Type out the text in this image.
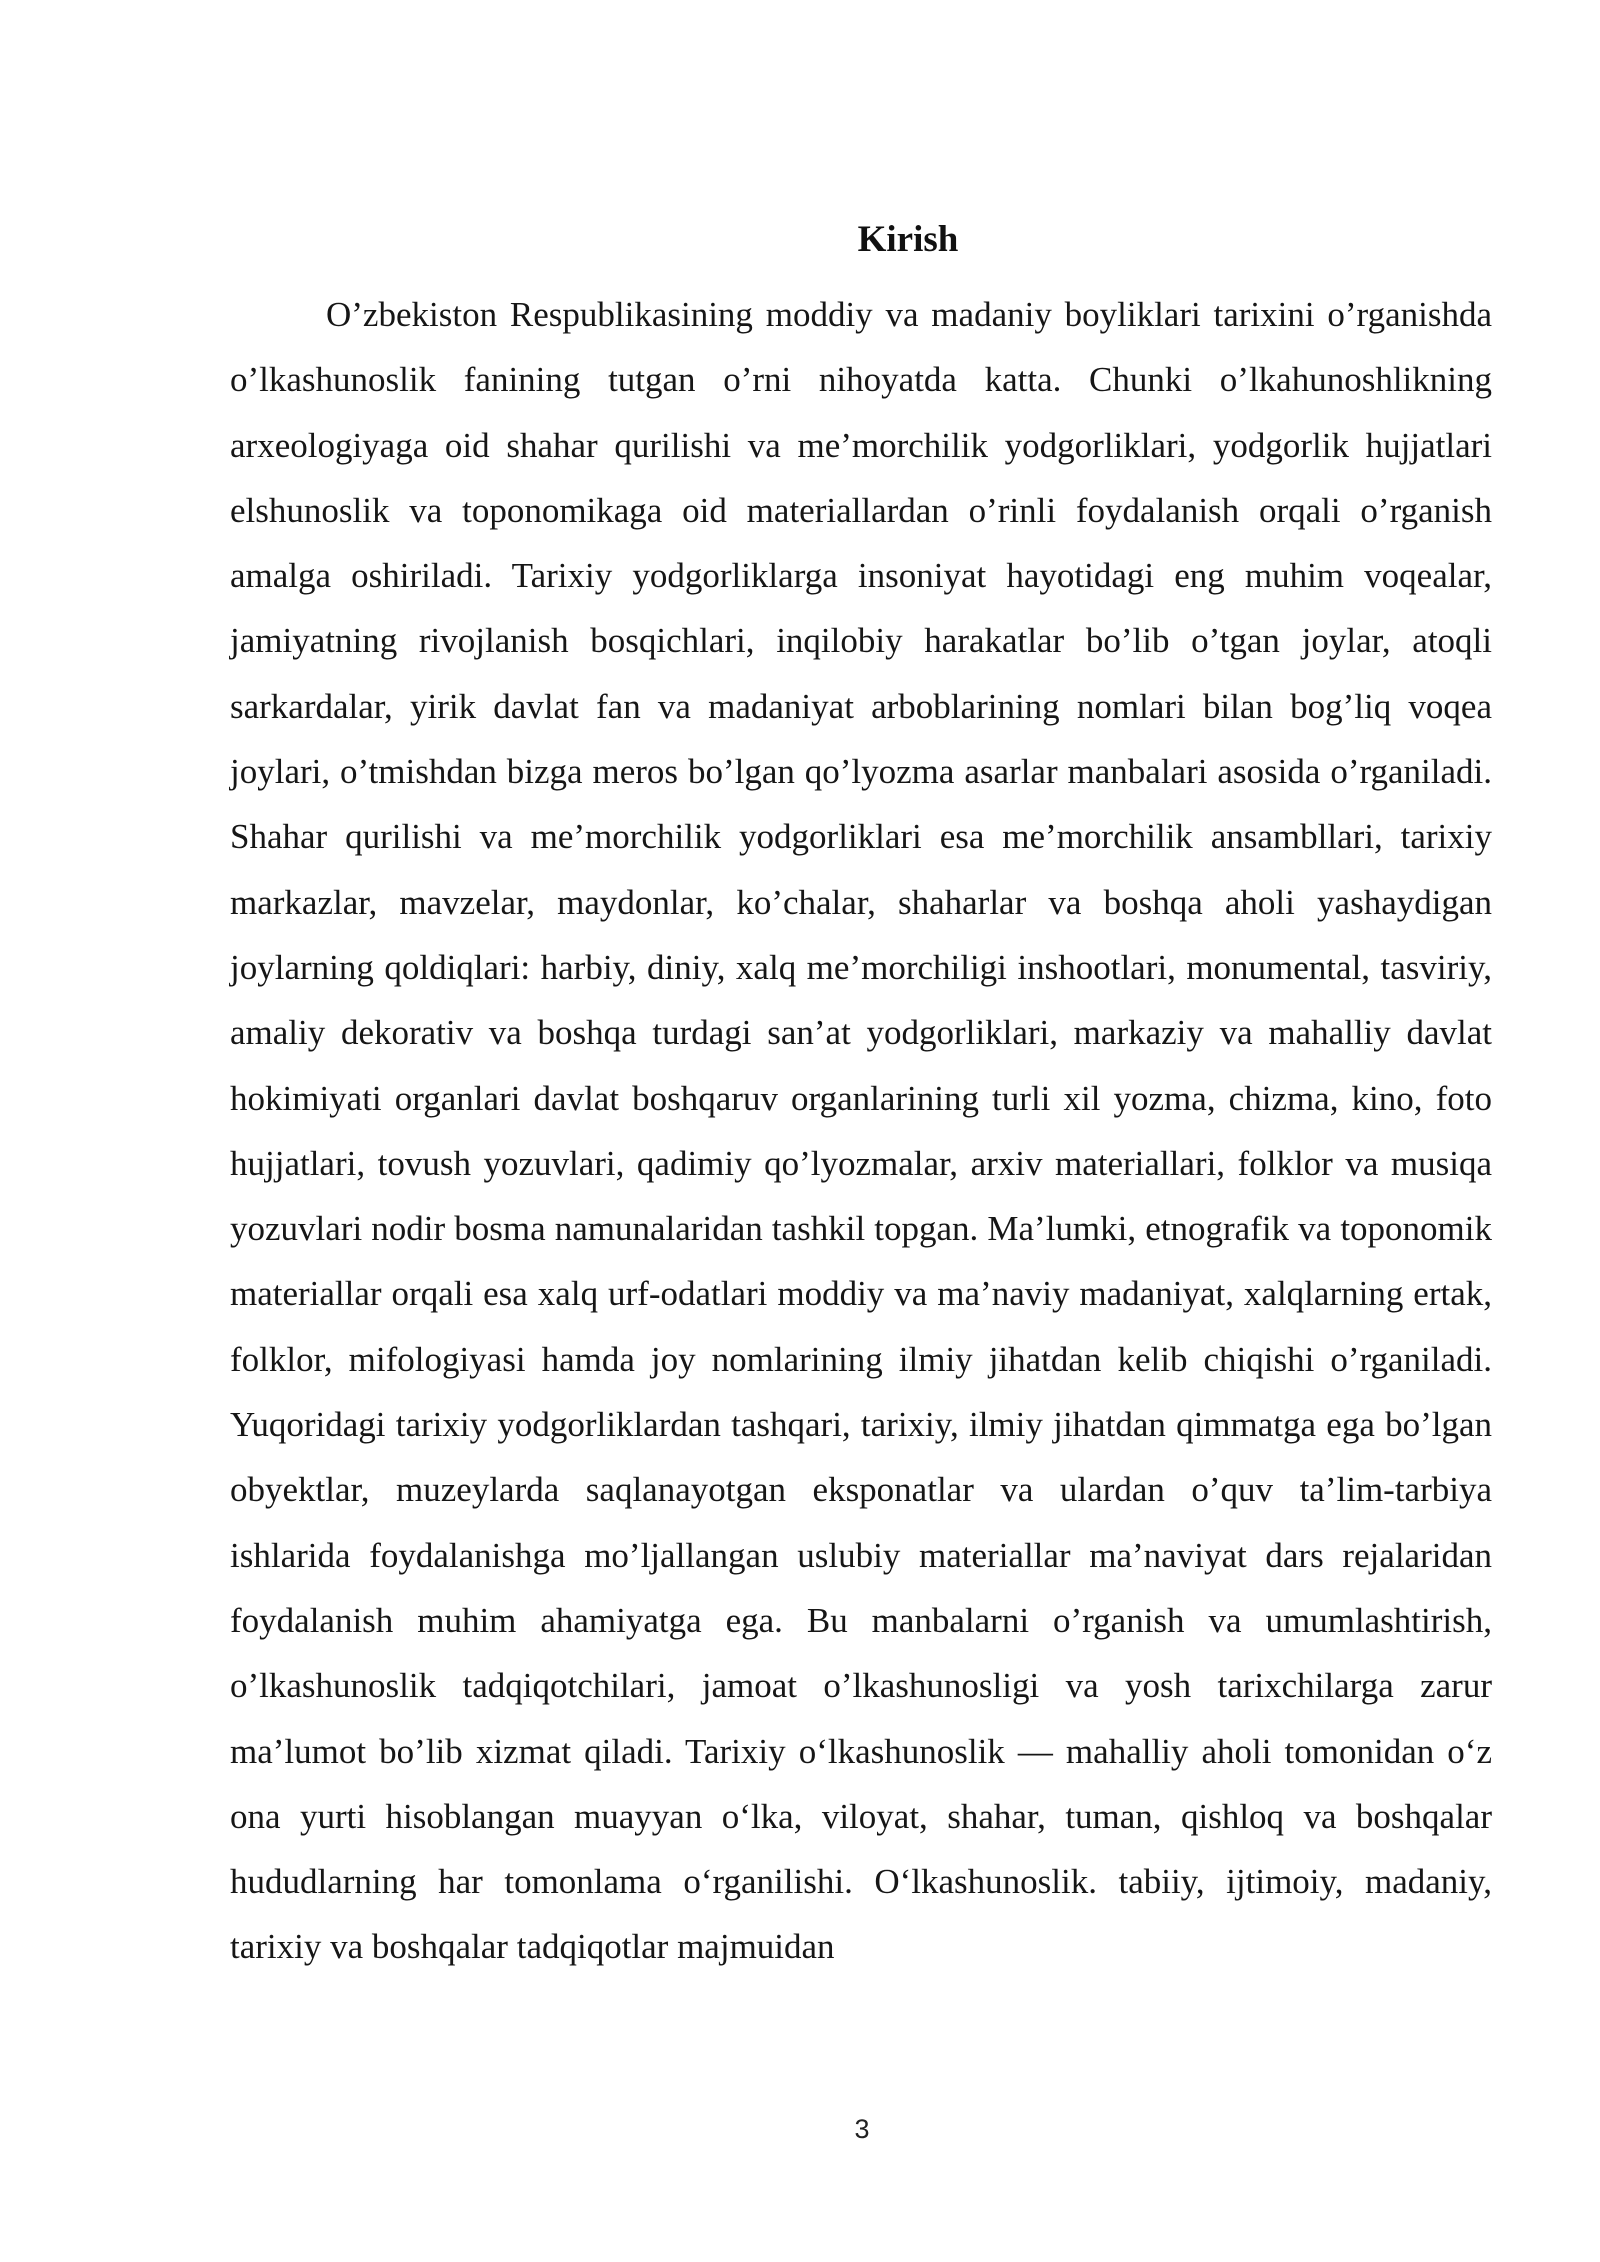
Kirish

O’zbekiston Respublikasining moddiy va madaniy boyliklari tarixini o’rganishda o’lkashunoslik fanining tutgan o’rni nihoyatda katta. Chunki o’lkahunoshlikning arxeologiyaga oid shahar qurilishi va me’morchilik yodgorliklari, yodgorlik hujjatlari elshunoslik va toponomikaga oid materiallardan o’rinli foydalanish orqali o’rganish amalga oshiriladi. Tarixiy yodgorliklarga insoniyat hayotidagi eng muhim voqealar, jamiyatning rivojlanish bosqichlari, inqilobiy harakatlar bo’lib o’tgan joylar, atoqli sarkardalar, yirik davlat fan va madaniyat arboblarining nomlari bilan bog’liq voqea joylari, o’tmishdan bizga meros bo’lgan qo’lyozma asarlar manbalari asosida o’rganiladi. Shahar qurilishi va me’morchilik yodgorliklari esa me’morchilik ansambllari, tarixiy markazlar, mavzelar, maydonlar, ko’chalar, shaharlar va boshqa aholi yashaydigan joylarning qoldiqlari: harbiy, diniy, xalq me’morchiligi inshootlari, monumental, tasviriy, amaliy dekorativ va boshqa turdagi san’at yodgorliklari, markaziy va mahalliy davlat hokimiyati organlari davlat boshqaruv organlarining turli xil yozma, chizma, kino, foto hujjatlari, tovush yozuvlari, qadimiy qo’lyozmalar, arxiv materiallari, folklor va musiqa yozuvlari nodir bosma namunalaridan tashkil topgan. Ma’lumki, etnografik va toponomik materiallar orqali esa xalq urf-odatlari moddiy va ma’naviy madaniyat, xalqlarning ertak, folklor, mifologiyasi hamda joy nomlarining ilmiy jihatdan kelib chiqishi o’rganiladi. Yuqoridagi tarixiy yodgorliklardan tashqari, tarixiy, ilmiy jihatdan qimmatga ega bo’lgan obyektlar, muzeylarda saqlanayotgan eksponatlar va ulardan o’quv ta’lim-tarbiya ishlarida foydalanishga mo’ljallangan uslubiy materiallar ma’naviyat dars rejalaridan foydalanish muhim ahamiyatga ega. Bu manbalarni o’rganish va umumlashtirish, o’lkashunoslik tadqiqotchilari, jamoat o’lkashunosligi va yosh tarixchilarga zarur ma’lumot bo’lib xizmat qiladi. Tarixiy oʻlkashunoslik — mahalliy aholi tomonidan oʻz ona yurti hisoblangan muayyan oʻlka, viloyat, shahar, tuman, qishloq va boshqalar hududlarning har tomonlama oʻrganilishi. Oʻlkashunoslik. tabiiy, ijtimoiy, madaniy, tarixiy va boshqalar tadqiqotlar majmuidan

3
